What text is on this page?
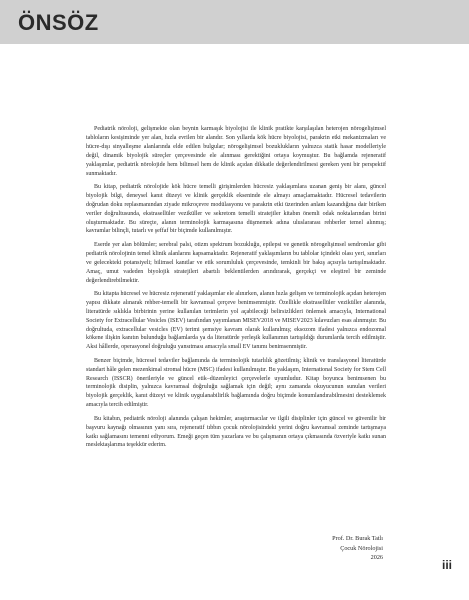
ÖNSÖZ

Pediatrik nöroloji, gelişmekte olan beynin karmaşık biyolojisi ile klinik pratikte karşılaşılan heterojen nörogelişimsel tabloların kesişiminde yer alan, hızla evrilen bir alandır. Son yıllarda kök hücre biyolojisi, parakrin etki mekanizmaları ve hücre-dışı sinyalleşme alanlarında elde edilen bulgular; nörogelişimsel bozuklukların yalnızca statik hasar modelleriyle değil, dinamik biyolojik süreçler çerçevesinde ele alınması gerektiğini ortaya koymuştur. Bu bağlamda rejeneratif yaklaşımlar, pediatrik nörolojide hem bilimsel hem de klinik açıdan dikkatle değerlendirilmesi gereken yeni bir perspektif sunmaktadır.

Bu kitap, pediatrik nörolojide kök hücre temelli girişimlerden hücresiz yaklaşımlara uzanan geniş bir alanı, güncel biyolojik bilgi, deneysel kanıt düzeyi ve klinik gerçeklik ekseninde ele almayı amaçlamaktadır. Hücresel tedavilerin doğrudan doku replasmanından ziyade mikroçevre modülasyonu ve parakrin etki üzerinden anlam kazandığına dair biriken veriler doğrultusunda, ekstrasellüler veziküller ve sekretom temelli stratejiler kitabın önemli odak noktalarından birini oluşturmaktadır. Bu süreçte, alanın terminolojik karmaşasına düşmemek adına uluslararası rehberler temel alınmış; kavramlar bilinçli, tutarlı ve şeffaf bir biçimde kullanılmıştır.

Eserde yer alan bölümler; serebral palsi, otizm spektrum bozukluğu, epilepsi ve genetik nörogelişimsel sendromlar gibi pediatrik nörolojinin temel klinik alanlarını kapsamaktadır. Rejeneratif yaklaşımların bu tablolar içindeki olası yeri, sınırları ve gelecekteki potansiyeli; bilimsel kanıtlar ve etik sorumluluk çerçevesinde, temkinli bir bakış açısıyla tartışılmaktadır. Amaç, umut vadeden biyolojik stratejileri abartılı beklentilerden arındırarak, gerçekçi ve eleştirel bir zeminde değerlendirebilmektir.

Bu kitapta hücresel ve hücresiz rejeneratif yaklaşımlar ele alınırken, alanın hızla gelişen ve terminolojik açıdan heterojen yapısı dikkate alınarak rehber-temelli bir kavramsal çerçeve benimsenmiştir. Özellikle ekstrasellüler veziküller alanında, literatürde sıklıkla birbirinin yerine kullanılan terimlerin yol açabileceği belirsizlikleri önlemek amacıyla, International Society for Extracellular Vesicles (ISEV) tarafından yayımlanan MISEV2018 ve MISEV2023 kılavuzları esas alınmıştır. Bu doğrultuda, extracellular vesicles (EV) terimi şemsiye kavram olarak kullanılmış; eksozom ifadesi yalnızca endozomal kökene ilişkin kanıtın bulunduğu bağlamlarda ya da literatürde yerleşik kullanımın tartışıldığı durumlarda tercih edilmiştir. Aksi hâllerde, operasyonel doğruluğu yansıtması amacıyla small EV tanımı benimsenmiştir.

Benzer biçimde, hücresel tedaviler bağlamında da terminolojik tutarlılık gözetilmiş; klinik ve translasyonel literatürde standart hâle gelen mezenkimal stromal hücre (MSC) ifadesi kullanılmıştır. Bu yaklaşım, International Society for Stem Cell Research (ISSCR) önerileriyle ve güncel etik–düzenleyici çerçevelerle uyumludur. Kitap boyunca benimsenen bu terminolojik disiplin, yalnızca kavramsal doğruluğu sağlamak için değil; aynı zamanda okuyucunun sunulan verileri biyolojik gerçeklik, kanıt düzeyi ve klinik uygulanabilirlik bağlamında doğru biçimde konumlandırabilmesini desteklemek amacıyla tercih edilmiştir.

Bu kitabın, pediatrik nöroloji alanında çalışan hekimler, araştırmacılar ve ilgili disiplinler için güncel ve güvenilir bir başvuru kaynağı olmasının yanı sıra, rejeneratif tıbbın çocuk nörolojisindeki yerini doğru kavramsal zeminde tartışmaya katkı sağlamasını temenni ediyorum. Emeği geçen tüm yazarlara ve bu çalışmanın ortaya çıkmasında özveriyle katkı sunan meslektaşlarıma teşekkür ederim.

Prof. Dr. Burak Tatlı
Çocuk Nörolojisi
2026
iii
